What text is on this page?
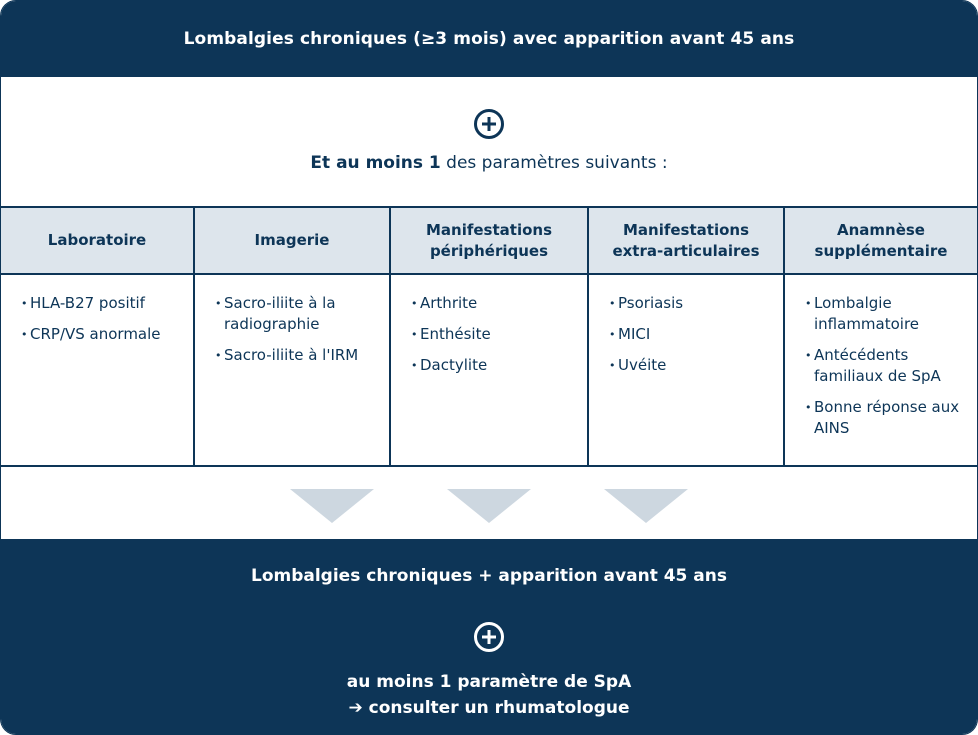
Lombalgies chroniques (≥3 mois) avec apparition avant 45 ans
Et au moins 1 des paramètres suivants :
Laboratoire
• HLA-B27 positif
• CRP/VS anormale
Imagerie
• Sacro-iliite à la radiographie
• Sacro-iliite à l'IRM
Manifestations
périphériques
• Arthrite
• Enthésite
• Dactylite
Manifestations
extra-articulaires
• Psoriasis
• MICI
• Uvéite
Anamnèse
supplémentaire
• Lombalgie inflammatoire
• Antécédents familiaux de SpA
• Bonne réponse aux AINS
Lombalgies chroniques + apparition avant 45 ans
au moins 1 paramètre de SpA
➔ consulter un rhumatologue
